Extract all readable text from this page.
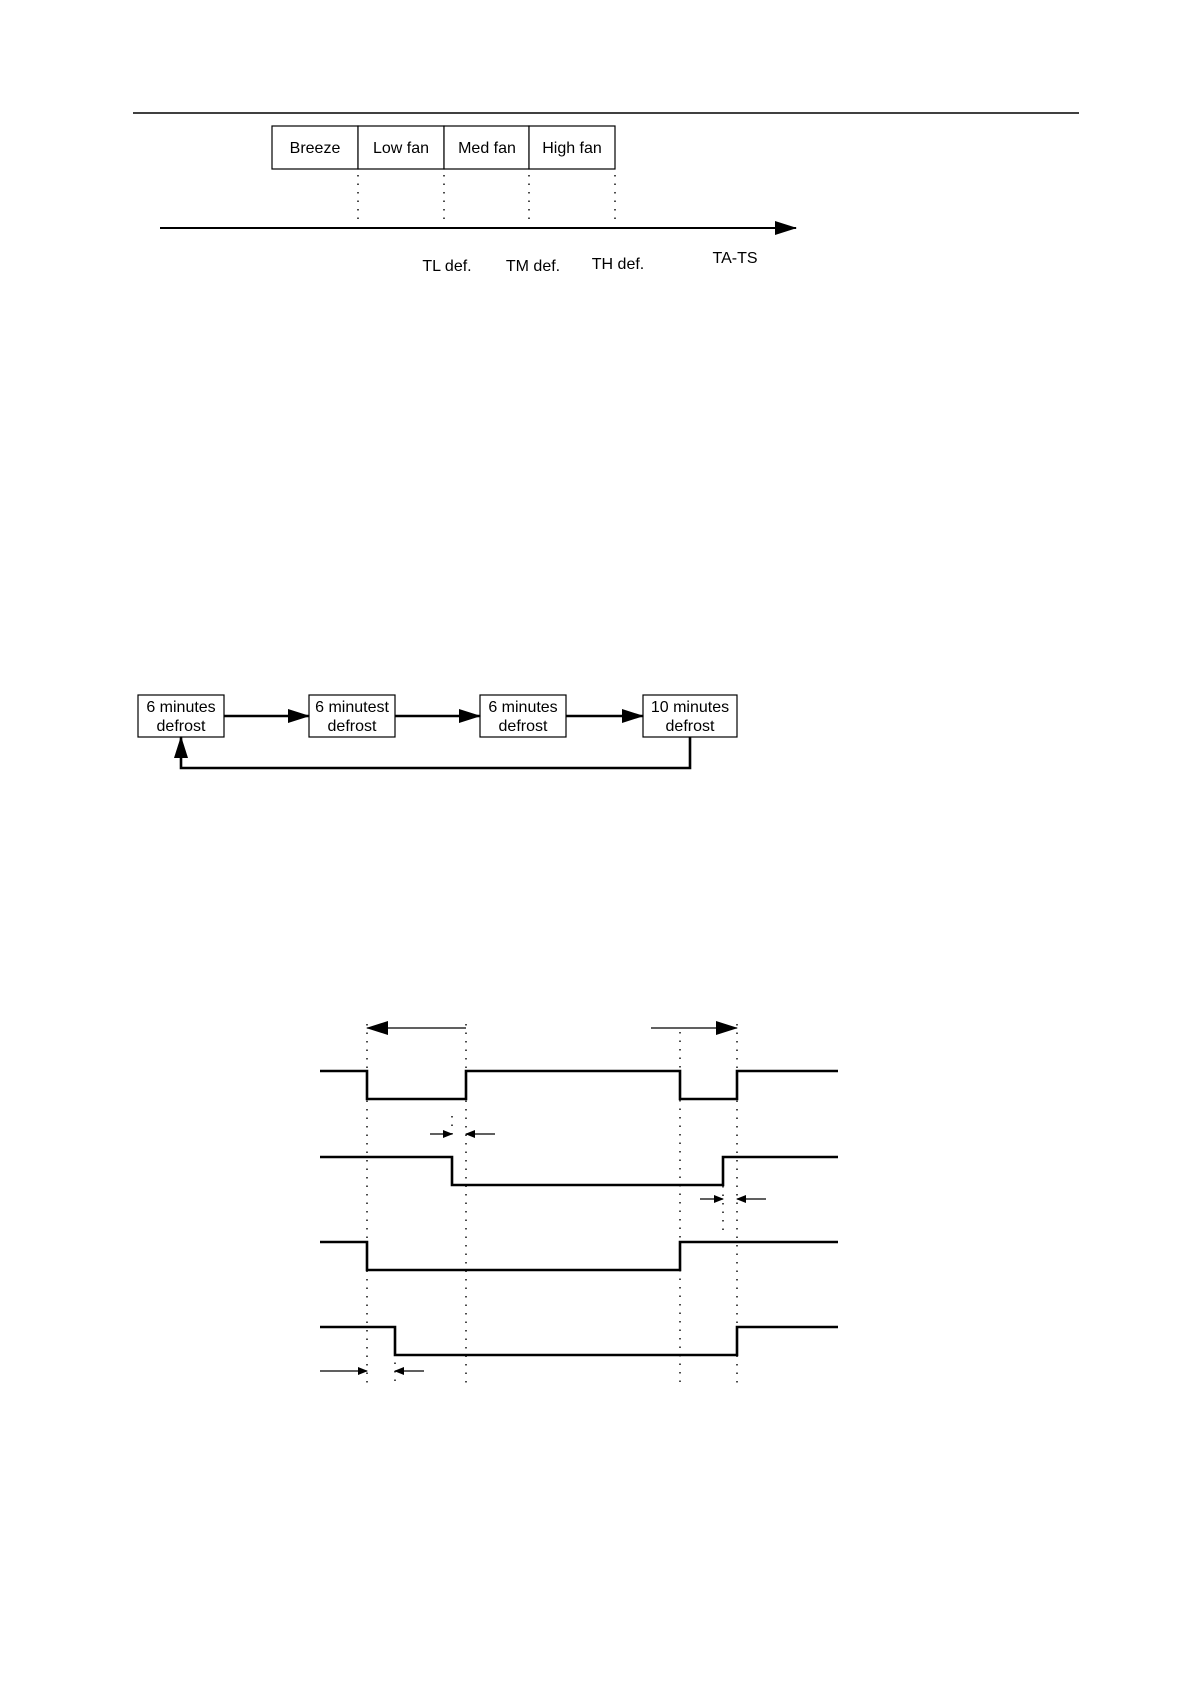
Breeze Low fan Med fan High fan
TL def. TM def. TH def.	TA-TS
6 minutes
defrost
6 minutest
defrost
6 minutes
defrost
10 minutes
defrost
